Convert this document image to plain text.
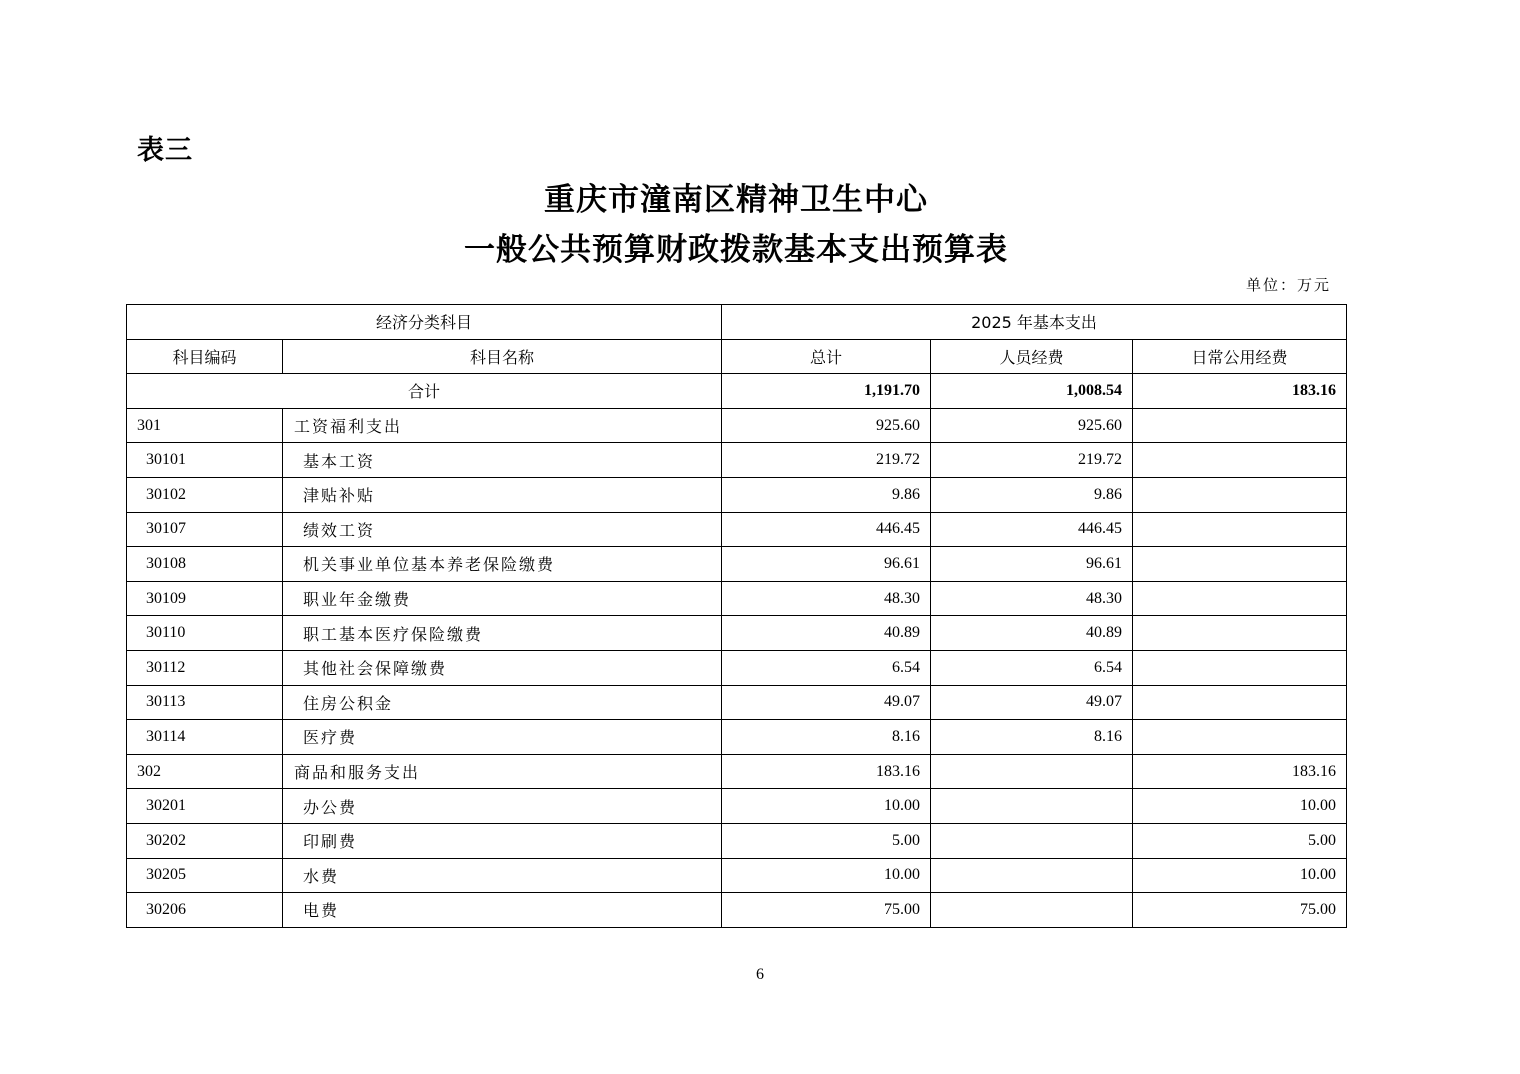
表三
重庆市潼南区精神卫生中心
一般公共预算财政拨款基本支出预算表
单位：万元
经济分类科目		2025 年基本支出		
科目编码	科目名称	总计	人员经费	日常公用经费
合计		1,191.70	1,008.54	183.16
301	工资福利支出	925.60	925.60	
30101	基本工资	219.72	219.72	
30102	津贴补贴	9.86	9.86	
30107	绩效工资	446.45	446.45	
30108	机关事业单位基本养老保险缴费	96.61	96.61	
30109	职业年金缴费	48.30	48.30	
30110	职工基本医疗保险缴费	40.89	40.89	
30112	其他社会保障缴费	6.54	6.54	
30113	住房公积金	49.07	49.07	
30114	医疗费	8.16	8.16	
302	商品和服务支出	183.16		183.16
30201	办公费	10.00		10.00
30202	印刷费	5.00		5.00
30205	水费	10.00		10.00
30206	电费	75.00		75.00
6
